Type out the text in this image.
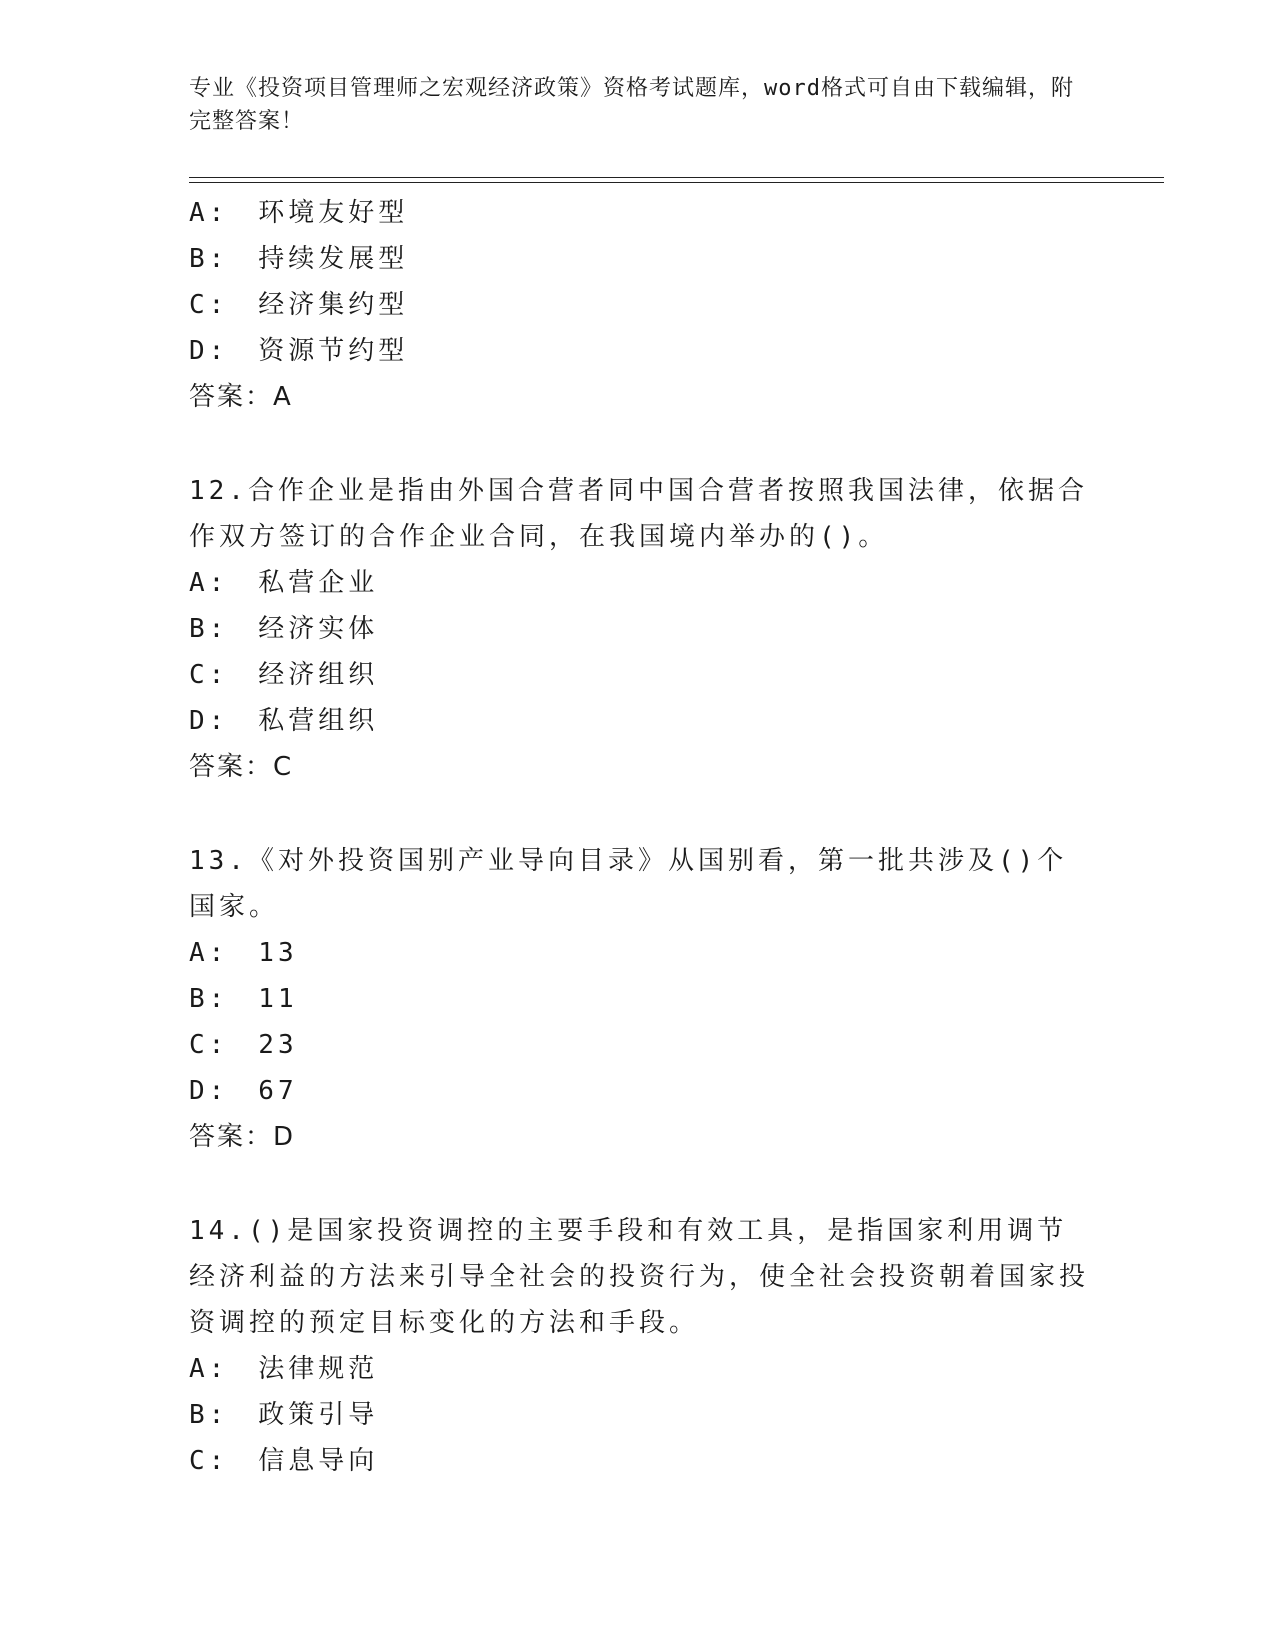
专业《投资项目管理师之宏观经济政策》资格考试题库，word格式可自由下载编辑，附完整答案！
A:　环境友好型
B:　持续发展型
C:　经济集约型
D:　资源节约型
答案：A
12.合作企业是指由外国合营者同中国合营者按照我国法律，依据合作双方签订的合作企业合同，在我国境内举办的()。
A:　私营企业
B:　经济实体
C:　经济组织
D:　私营组织
答案：C
13.《对外投资国别产业导向目录》从国别看，第一批共涉及()个国家。
A:　13
B:　11
C:　23
D:　67
答案：D
14.()是国家投资调控的主要手段和有效工具，是指国家利用调节经济利益的方法来引导全社会的投资行为，使全社会投资朝着国家投资调控的预定目标变化的方法和手段。
A:　法律规范
B:　政策引导
C:　信息导向
